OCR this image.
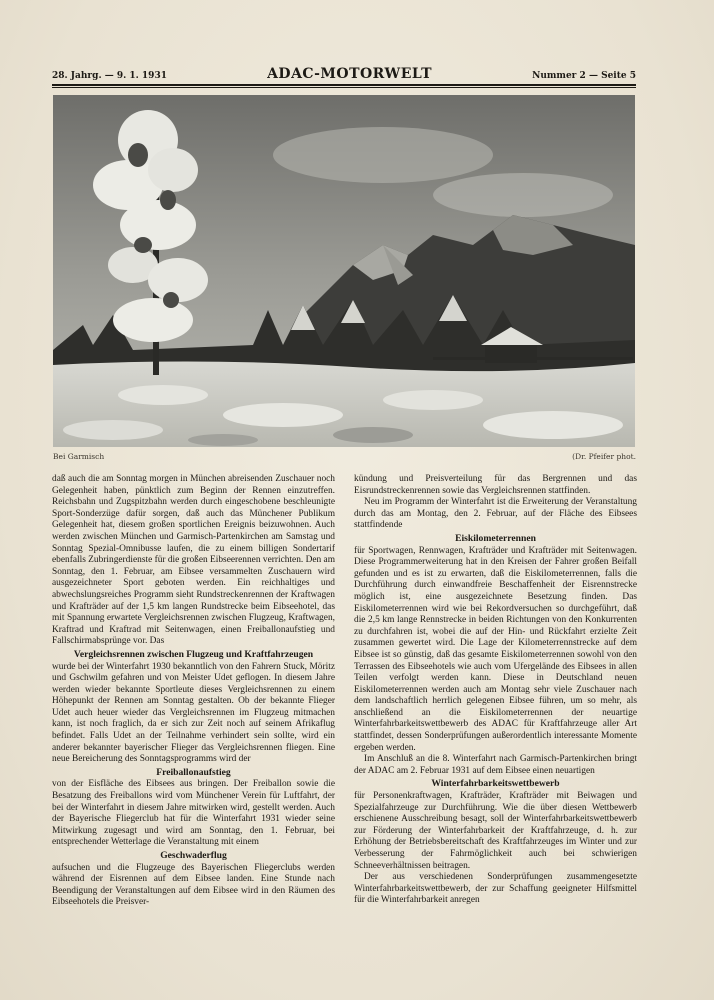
28. Jahrg. — 9. 1. 1931	ADAC-MOTORWELT	Nummer 2 — Seite 5
Bei Garmisch	(Dr. Pfeifer phot.

daß auch die am Sonntag morgen in München abreisenden Zuschauer noch Gelegenheit haben, pünktlich zum Beginn der Rennen einzutreffen. Reichsbahn und Zugspitzbahn werden durch eingeschobene beschleunigte Sport-Sonderzüge dafür sorgen, daß auch das Münchener Publikum Gelegenheit hat, diesem großen sportlichen Ereignis beizuwohnen. Auch werden zwischen München und Garmisch-Partenkirchen am Samstag und Sonntag Spezial-Omnibusse laufen, die zu einem billigen Sondertarif ebenfalls Zubringerdienste für die großen Eibseerennen verrichten. Den am Sonntag, den 1. Februar, am Eibsee versammelten Zuschauern wird ausgezeichneter Sport geboten werden. Ein reichhaltiges und abwechslungsreiches Programm sieht Rundstreckenrennen der Kraftwagen und Krafträder auf der 1,5 km langen Rundstrecke beim Eibseehotel, das mit Spannung erwartete Vergleichsrennen zwischen Flugzeug, Kraftwagen, Kraftrad und Kraftrad mit Seitenwagen, einen Freiballonaufstieg und Fallschirmabsprünge vor. Das

Vergleichsrennen zwischen Flugzeug und Kraftfahrzeugen

wurde bei der Winterfahrt 1930 bekanntlich von den Fahrern Stuck, Möritz und Gschwilm gefahren und von Meister Udet geflogen. In diesem Jahre werden wieder bekannte Sportleute dieses Vergleichsrennen zu einem Höhepunkt der Rennen am Sonntag gestalten. Ob der bekannte Flieger Udet auch heuer wieder das Vergleichsrennen im Flugzeug mitmachen kann, ist noch fraglich, da er sich zur Zeit noch auf seinem Afrikaflug befindet. Falls Udet an der Teilnahme verhindert sein sollte, wird ein anderer bekannter bayerischer Flieger das Vergleichsrennen fliegen. Eine neue Bereicherung des Sonntagsprogramms wird der

Freiballonaufstieg

von der Eisfläche des Eibsees aus bringen. Der Freiballon sowie die Besatzung des Freiballons wird vom Münchener Verein für Luftfahrt, der bei der Winterfahrt in diesem Jahre mitwirken wird, gestellt werden. Auch der Bayerische Fliegerclub hat für die Winterfahrt 1931 wieder seine Mitwirkung zugesagt und wird am Sonntag, den 1. Februar, bei entsprechender Wetterlage die Veranstaltung mit einem

Geschwaderflug

aufsuchen und die Flugzeuge des Bayerischen Fliegerclubs werden während der Eisrennen auf dem Eibsee landen. Eine Stunde nach Beendigung der Veranstaltungen auf dem Eibsee wird in den Räumen des Eibseehotels die Preisver-

kündung und Preisverteilung für das Bergrennen und das Eisrundstreckenrennen sowie das Vergleichsrennen stattfinden.

Neu im Programm der Winterfahrt ist die Erweiterung der Veranstaltung durch das am Montag, den 2. Februar, auf der Fläche des Eibsees stattfindende

Eiskilometerrennen

für Sportwagen, Rennwagen, Krafträder und Krafträder mit Seitenwagen. Diese Programmerweiterung hat in den Kreisen der Fahrer großen Beifall gefunden und es ist zu erwarten, daß die Eiskilometerrennen, falls die Durchführung durch einwandfreie Beschaffenheit der Eisrennstrecke möglich ist, eine ausgezeichnete Besetzung finden. Das Eiskilometerrennen wird wie bei Rekordversuchen so durchgeführt, daß die 2,5 km lange Rennstrecke in beiden Richtungen von den Konkurrenten zu durchfahren ist, wobei die auf der Hin- und Rückfahrt erzielte Zeit zusammen gewertet wird. Die Lage der Kilometerrennstrecke auf dem Eibsee ist so günstig, daß das gesamte Eiskilometerrennen sowohl von den Terrassen des Eibseehotels wie auch vom Ufergelände des Eibsees in allen Teilen verfolgt werden kann. Diese in Deutschland neuen Eiskilometerrennen werden auch am Montag sehr viele Zuschauer nach dem landschaftlich herrlich gelegenen Eibsee führen, um so mehr, als anschließend an die Eiskilometerrennen der neuartige Winterfahrbarkeitswettbewerb des ADAC für Kraftfahrzeuge aller Art stattfindet, dessen Sonderprüfungen außerordentlich interessante Momente ergeben werden.

Im Anschluß an die 8. Winterfahrt nach Garmisch-Partenkirchen bringt der ADAC am 2. Februar 1931 auf dem Eibsee einen neuartigen

Winterfahrbarkeitswettbewerb

für Personenkraftwagen, Krafträder, Krafträder mit Beiwagen und Spezialfahrzeuge zur Durchführung. Wie die über diesen Wettbewerb erschienene Ausschreibung besagt, soll der Winterfahrbarkeitswettbewerb zur Förderung der Winterfahrbarkeit der Kraftfahrzeuge, d. h. zur Erhöhung der Betriebsbereitschaft des Kraftfahrzeuges im Winter und zur Verbesserung der Fahrmöglichkeit auch bei schwierigen Schneeverhältnissen beitragen.

Der aus verschiedenen Sonderprüfungen zusammengesetzte Winterfahrbarkeitswettbewerb, der zur Schaffung geeigneter Hilfsmittel für die Winterfahrbarkeit anregen
